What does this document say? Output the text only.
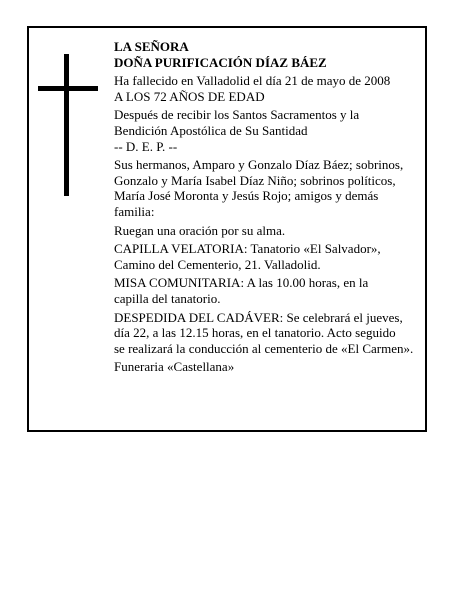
LA SEÑORA
DOÑA PURIFICACIÓN DÍAZ BÁEZ
Ha fallecido en Valladolid el día 21 de mayo de 2008
A LOS 72 AÑOS DE EDAD
Después de recibir los Santos Sacramentos y la
Bendición Apostólica de Su Santidad
-- D. E. P. --
Sus hermanos, Amparo y Gonzalo Díaz Báez; sobrinos,
Gonzalo y María Isabel Díaz Niño; sobrinos políticos,
María José Moronta y Jesús Rojo; amigos y demás
familia:
Ruegan una oración por su alma.
CAPILLA VELATORIA: Tanatorio «El Salvador»,
Camino del Cementerio, 21. Valladolid.
MISA COMUNITARIA: A las 10.00 horas, en la
capilla del tanatorio.
DESPEDIDA DEL CADÁVER: Se celebrará el jueves,
día 22, a las 12.15 horas, en el tanatorio. Acto seguido
se realizará la conducción al cementerio de «El Carmen».
Funeraria «Castellana»
